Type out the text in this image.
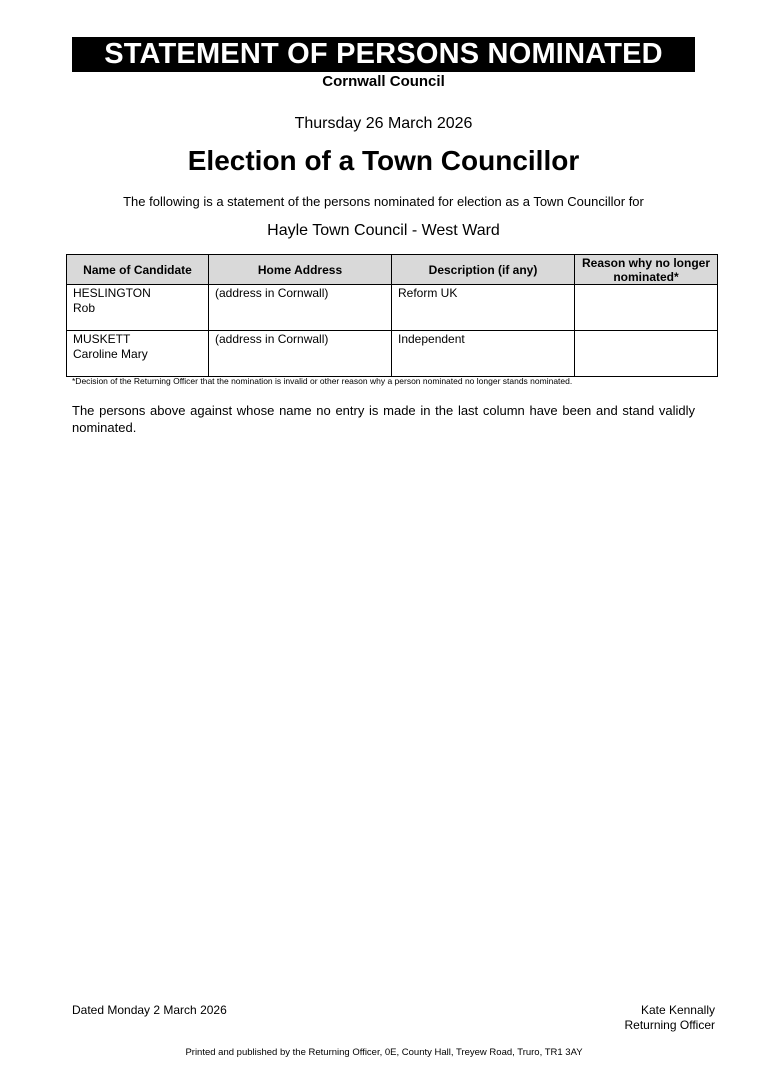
STATEMENT OF PERSONS NOMINATED
Cornwall Council
Thursday 26 March 2026
Election of a Town Councillor
The following is a statement of the persons nominated for election as a Town Councillor for
Hayle Town Council - West Ward
Name of Candidate	Home Address	Description (if any)	Reason why no longer nominated*

HESLINGTON
Rob	(address in Cornwall)	Reform UK	

MUSKETT
Caroline Mary	(address in Cornwall)	Independent	
*Decision of the Returning Officer that the nomination is invalid or other reason why a person nominated no longer stands nominated.
The persons above against whose name no entry is made in the last column have been and stand validly nominated.
Dated Monday 2 March 2026	Kate Kennally
Returning Officer
Printed and published by the Returning Officer, 0E, County Hall, Treyew Road, Truro, TR1 3AY
